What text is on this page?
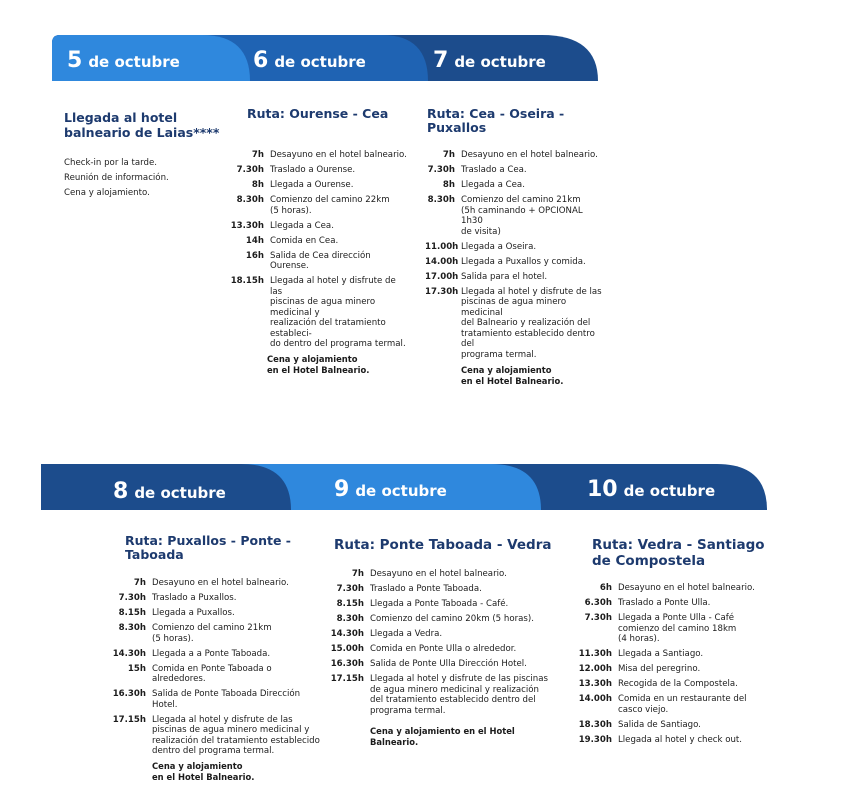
5 de octubre	6 de octubre	7 de octubre

Llegada al hotel
balneario de Laias****

Check-in por la tarde.
Reunión de información.
Cena y alojamiento.

Ruta: Ourense - Cea

7h Desayuno en el hotel balneario.
7.30h Traslado a Ourense.
8h Llegada a Ourense.
8.30h Comienzo del camino 22km
(5 horas).
13.30h Llegada a Cea.
14h Comida en Cea.
16h Salida de Cea dirección Ourense.
18.15h Llegada al hotel y disfrute de las
piscinas de agua minero medicinal y
realización del tratamiento estableci-
do dentro del programa termal.
Cena y alojamiento
en el Hotel Balneario.

Ruta: Cea - Oseira -
Puxallos

7h Desayuno en el hotel balneario.
7.30h Traslado a Cea.
8h Llegada a Cea.
8.30h Comienzo del camino 21km
(5h caminando + OPCIONAL 1h30
de visita)
11.00h Llegada a Oseira.
14.00h Llegada a Puxallos y comida.
17.00h Salida para el hotel.
17.30h Llegada al hotel y disfrute de las
piscinas de agua minero medicinal
del Balneario y realización del
tratamiento establecido dentro del
programa termal.
Cena y alojamiento
en el Hotel Balneario.
8 de octubre	9 de octubre	10 de octubre

Ruta: Puxallos - Ponte -
Taboada

7h Desayuno en el hotel balneario.
7.30h Traslado a Puxallos.
8.15h Llegada a Puxallos.
8.30h Comienzo del camino 21km
(5 horas).
14.30h Llegada a a Ponte Taboada.
15h Comida en Ponte Taboada o alrededores.
16.30h Salida de Ponte Taboada Dirección Hotel.
17.15h Llegada al hotel y disfrute de las
piscinas de agua minero medicinal y
realización del tratamiento establecido
dentro del programa termal.
Cena y alojamiento
en el Hotel Balneario.

Ruta: Ponte Taboada - Vedra

7h Desayuno en el hotel balneario.
7.30h Traslado a Ponte Taboada.
8.15h Llegada a Ponte Taboada - Café.
8.30h Comienzo del camino 20km (5 horas).
14.30h Llegada a Vedra.
15.00h Comida en Ponte Ulla o alrededor.
16.30h Salida de Ponte Ulla Dirección Hotel.
17.15h Llegada al hotel y disfrute de las piscinas
de agua minero medicinal y realización
del tratamiento establecido dentro del
programa termal.
Cena y alojamiento en el Hotel Balneario.

Ruta: Vedra - Santiago
de Compostela

6h Desayuno en el hotel balneario.
6.30h Traslado a Ponte Ulla.
7.30h Llegada a Ponte Ulla - Café
comienzo del camino 18km
(4 horas).
11.30h Llegada a Santiago.
12.00h Misa del peregrino.
13.30h Recogida de la Compostela.
14.00h Comida en un restaurante del
casco viejo.
18.30h Salida de Santiago.
19.30h Llegada al hotel y check out.
